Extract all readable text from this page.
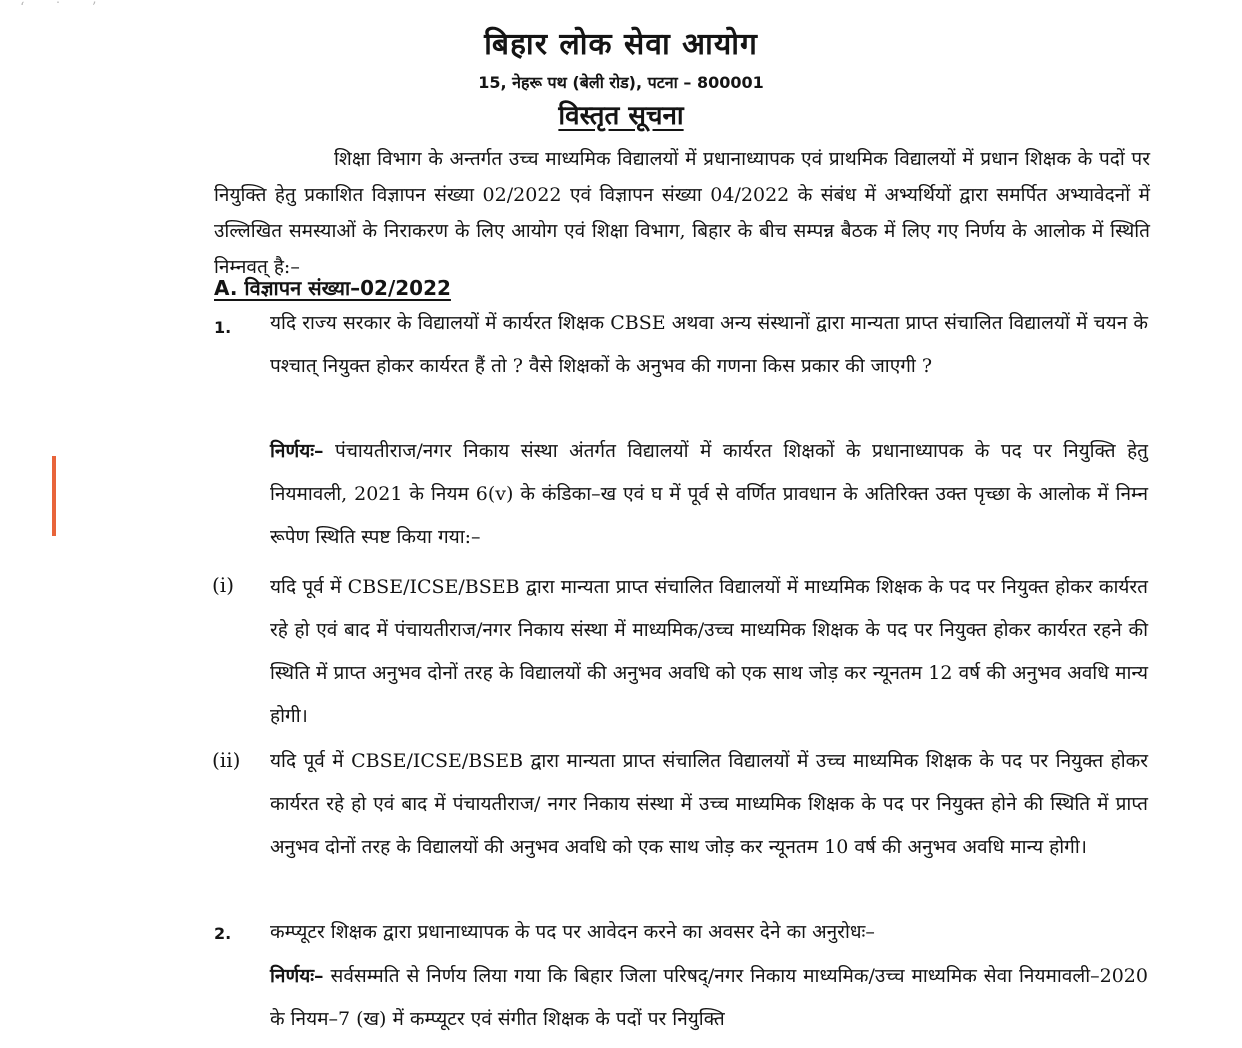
ʻ ˙ ʼ
बिहार लोक सेवा आयोग
15, नेहरू पथ (बेली रोड), पटना – 800001
विस्तृत सूचना

शिक्षा विभाग के अन्तर्गत उच्च माध्यमिक विद्यालयों में प्रधानाध्यापक एवं प्राथमिक विद्यालयों में प्रधान शिक्षक के पदों पर नियुक्ति हेतु प्रकाशित विज्ञापन संख्या 02/2022 एवं विज्ञापन संख्या 04/2022 के संबंध में अभ्यर्थियों द्वारा समर्पित अभ्यावेदनों में उल्लिखित समस्याओं के निराकरण के लिए आयोग एवं शिक्षा विभाग, बिहार के बीच सम्पन्न बैठक में लिए गए निर्णय के आलोक में स्थिति निम्नवत् है:–

A. विज्ञापन संख्या–02/2022

1. यदि राज्य सरकार के विद्यालयों में कार्यरत शिक्षक CBSE अथवा अन्य संस्थानों द्वारा मान्यता प्राप्त संचालित विद्यालयों में चयन के पश्चात् नियुक्त होकर कार्यरत हैं तो ? वैसे शिक्षकों के अनुभव की गणना किस प्रकार की जाएगी ?

निर्णयः– पंचायतीराज/नगर निकाय संस्था अंतर्गत विद्यालयों में कार्यरत शिक्षकों के प्रधानाध्यापक के पद पर नियुक्ति हेतु नियमावली, 2021 के नियम 6(v) के कंडिका–ख एवं घ में पूर्व से वर्णित प्रावधान के अतिरिक्त उक्त पृच्छा के आलोक में निम्न रूपेण स्थिति स्पष्ट किया गया:–

(i) यदि पूर्व में CBSE/ICSE/BSEB द्वारा मान्यता प्राप्त संचालित विद्यालयों में माध्यमिक शिक्षक के पद पर नियुक्त होकर कार्यरत रहे हो एवं बाद में पंचायतीराज/नगर निकाय संस्था में माध्यमिक/उच्च माध्यमिक शिक्षक के पद पर नियुक्त होकर कार्यरत रहने की स्थिति में प्राप्त अनुभव दोनों तरह के विद्यालयों की अनुभव अवधि को एक साथ जोड़ कर न्यूनतम 12 वर्ष की अनुभव अवधि मान्य होगी।

(ii) यदि पूर्व में CBSE/ICSE/BSEB द्वारा मान्यता प्राप्त संचालित विद्यालयों में उच्च माध्यमिक शिक्षक के पद पर नियुक्त होकर कार्यरत रहे हो एवं बाद में पंचायतीराज/ नगर निकाय संस्था में उच्च माध्यमिक शिक्षक के पद पर नियुक्त होने की स्थिति में प्राप्त अनुभव दोनों तरह के विद्यालयों की अनुभव अवधि को एक साथ जोड़ कर न्यूनतम 10 वर्ष की अनुभव अवधि मान्य होगी।

2. कम्प्यूटर शिक्षक द्वारा प्रधानाध्यापक के पद पर आवेदन करने का अवसर देने का अनुरोधः–

निर्णयः– सर्वसम्मति से निर्णय लिया गया कि बिहार जिला परिषद्/नगर निकाय माध्यमिक/उच्च माध्यमिक सेवा नियमावली–2020 के नियम–7 (ख) में कम्प्यूटर एवं संगीत शिक्षक के पदों पर नियुक्ति
